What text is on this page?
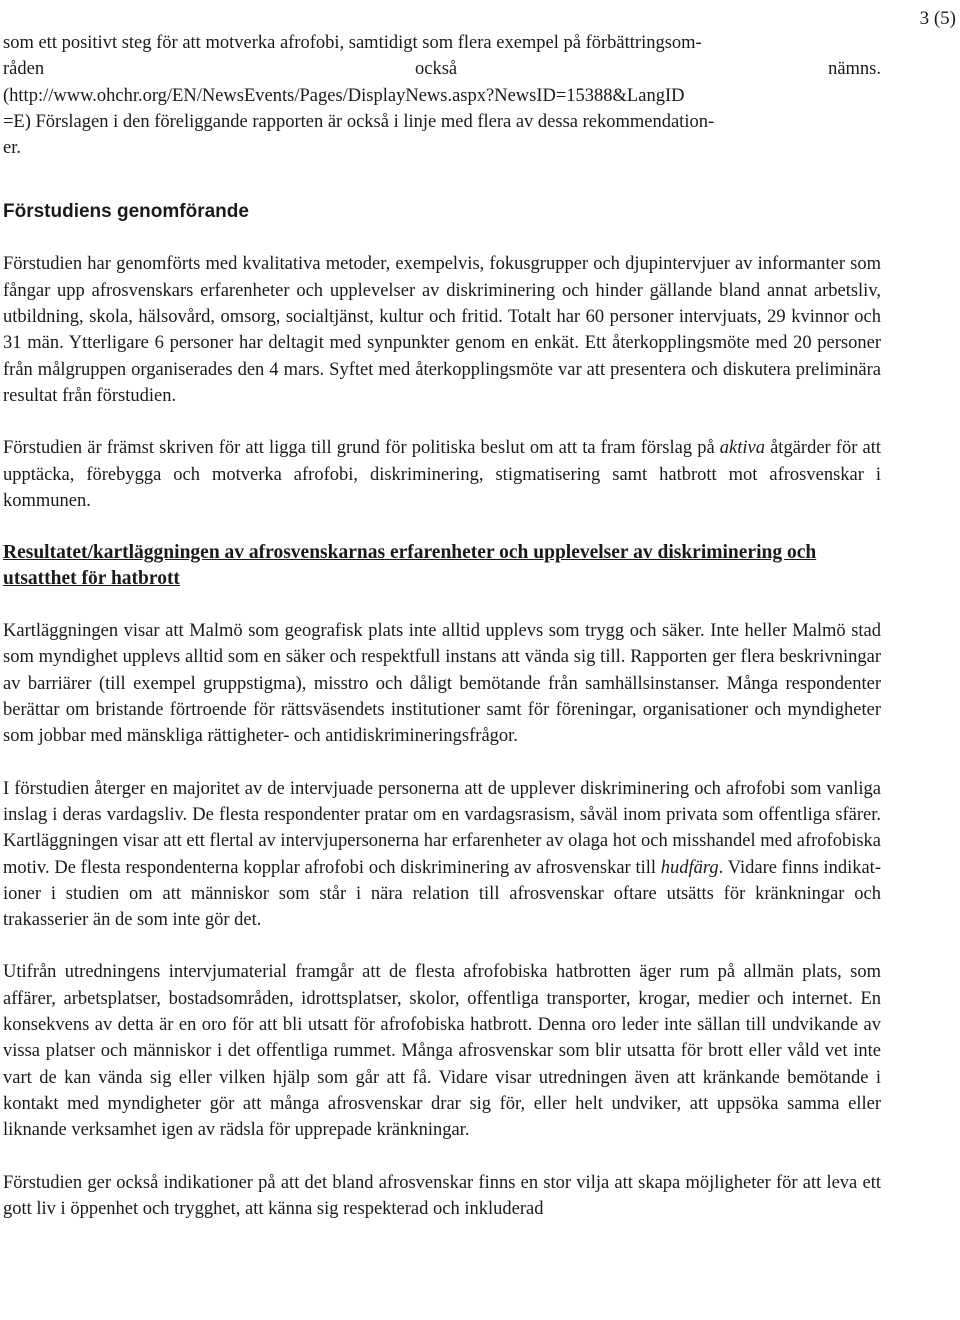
3 (5)
som ett positivt steg för att motverka afrofobi, samtidigt som flera exempel på förbättringsom-
råden	också	nämns.
(http://www.ohchr.org/EN/NewsEvents/Pages/DisplayNews.aspx?NewsID=15388&LangID
=E) Förslagen i den föreliggande rapporten är också i linje med flera av dessa rekommendation-
er.
Förstudiens genomförande

Förstudien har genomförts med kvalitativa metoder, exempelvis, fokusgrupper och djupintervjuer av informanter som fångar upp afrosvenskars erfarenheter och upplevelser av diskriminering och hinder gällande bland annat arbetsliv, utbildning, skola, hälsovård, omsorg, socialtjänst, kultur och fritid. Totalt har 60 personer intervjuats, 29 kvinnor och 31 män. Ytterligare 6 personer har deltagit med synpunkter genom en enkät. Ett återkopplingsmöte med 20 personer från målgruppen organiserades den 4 mars. Syftet med återkopplingsmöte var att presentera och diskutera preliminära resultat från förstudien.

Förstudien är främst skriven för att ligga till grund för politiska beslut om att ta fram förslag på aktiva åtgärder för att upptäcka, förebygga och motverka afrofobi, diskriminering, stigmatisering samt hatbrott mot afrosvenskar i kommunen.

Resultatet/kartläggningen av afrosvenskarnas erfarenheter och upplevelser av diskriminering och utsatthet för hatbrott

Kartläggningen visar att Malmö som geografisk plats inte alltid upplevs som trygg och säker. Inte heller Malmö stad som myndighet upplevs alltid som en säker och respektfull instans att vända sig till. Rapporten ger flera beskrivningar av barriärer (till exempel gruppstigma), misstro och dåligt bemötande från samhällsinstanser. Många respondenter berättar om bristande förtroende för rättsväsendets institutioner samt för föreningar, organisationer och myndigheter som jobbar med mänskliga rättigheter- och antidiskrimineringsfrågor.

I förstudien återger en majoritet av de intervjuade personerna att de upplever diskriminering och afrofobi som vanliga inslag i deras vardagsliv. De flesta respondenter pratar om en vardagsrasism, såväl inom privata som offentliga sfärer. Kartläggningen visar att ett flertal av intervjupersonerna har erfarenheter av olaga hot och misshandel med afrofobiska motiv. De flesta respondenterna kopplar afrofobi och diskriminering av afrosvenskar till hudfärg. Vidare finns indikationer i studien om att människor som står i nära relation till afrosvenskar oftare utsätts för kränkningar och trakasserier än de som inte gör det.

Utifrån utredningens intervjumaterial framgår att de flesta afrofobiska hatbrotten äger rum på allmän plats, som affärer, arbetsplatser, bostadsområden, idrottsplatser, skolor, offentliga transporter, krogar, medier och internet. En konsekvens av detta är en oro för att bli utsatt för afrofobiska hatbrott. Denna oro leder inte sällan till undvikande av vissa platser och människor i det offentliga rummet. Många afrosvenskar som blir utsatta för brott eller våld vet inte vart de kan vända sig eller vilken hjälp som går att få. Vidare visar utredningen även att kränkande bemötande i kontakt med myndigheter gör att många afrosvenskar drar sig för, eller helt undviker, att uppsöka samma eller liknande verksamhet igen av rädsla för upprepade kränkningar.

Förstudien ger också indikationer på att det bland afrosvenskar finns en stor vilja att skapa möjligheter för att leva ett gott liv i öppenhet och trygghet, att känna sig respekterad och inkluderad
